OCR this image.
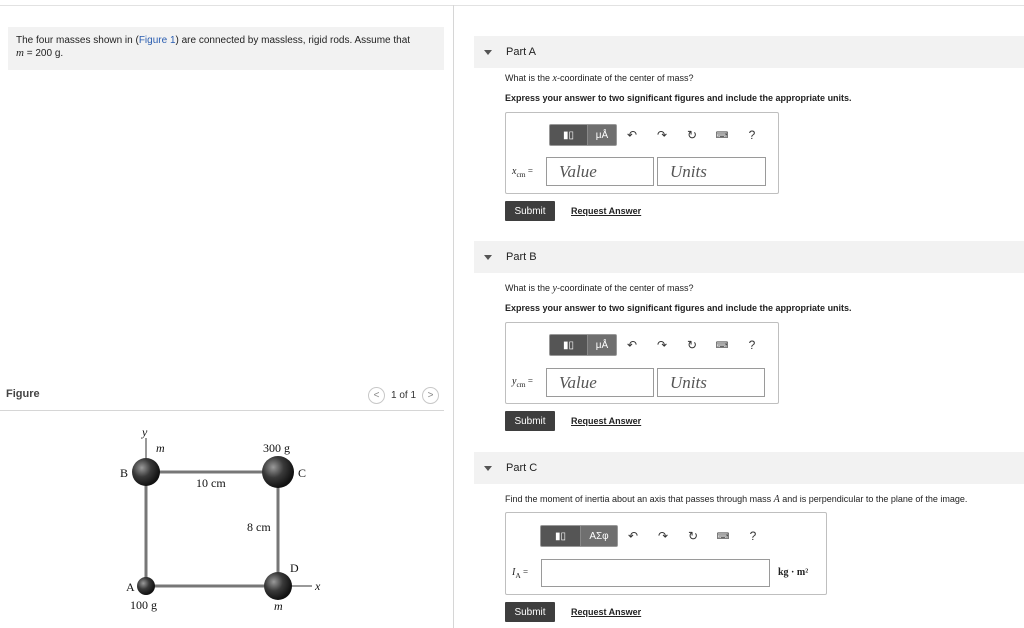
The four masses shown in (Figure 1) are connected by massless, rigid rods. Assume that
m = 200 g.
Figure	<	1 of 1	>
y
x
B	C
D
A
m	300 g
10 cm
8 cm
100 g	m
Part A
What is the x-coordinate of the center of mass?
Express your answer to two significant figures and include the appropriate units.
▮▯	μÅ	↶	↷	↻	⌨	?
$x_{cm}$ =	Value	Units
Submit	Request Answer
Part B
What is the y-coordinate of the center of mass?
Express your answer to two significant figures and include the appropriate units.
▮▯	μÅ	↶	↷	↻	⌨	?
$y_{cm}$ =	Value	Units
Submit	Request Answer
Part C
Find the moment of inertia about an axis that passes through mass A and is perpendicular to the plane of the image.
▮▯	ΑΣφ	↶	↷	↻	⌨	?
$I_A$ =	kg · m²
Submit	Request Answer
